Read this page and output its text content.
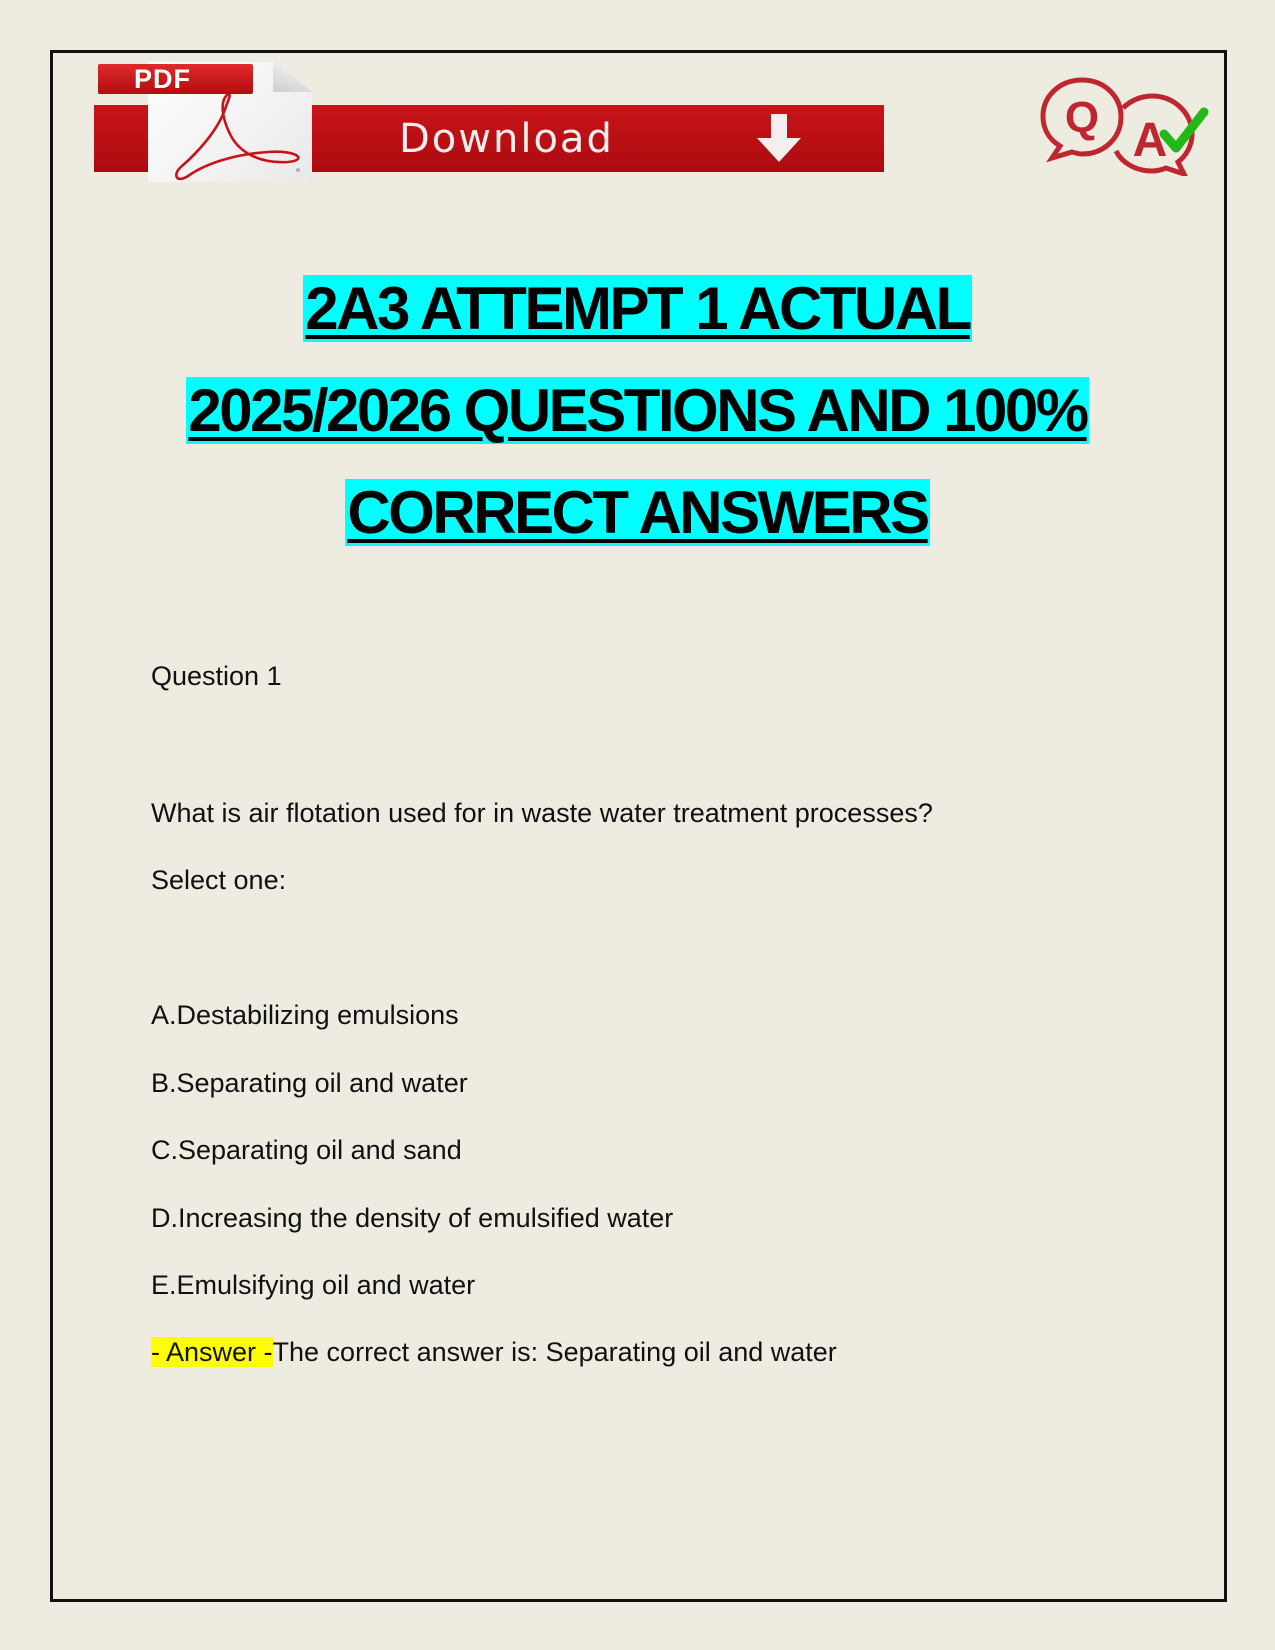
PDF
Download	Q A
2A3 ATTEMPT 1 ACTUAL
2025/2026 QUESTIONS AND 100%
CORRECT ANSWERS
Question 1
What is air flotation used for in waste water treatment processes?
Select one:
A.Destabilizing emulsions
B.Separating oil and water
C.Separating oil and sand
D.Increasing the density of emulsified water
E.Emulsifying oil and water
- Answer -The correct answer is: Separating oil and water
